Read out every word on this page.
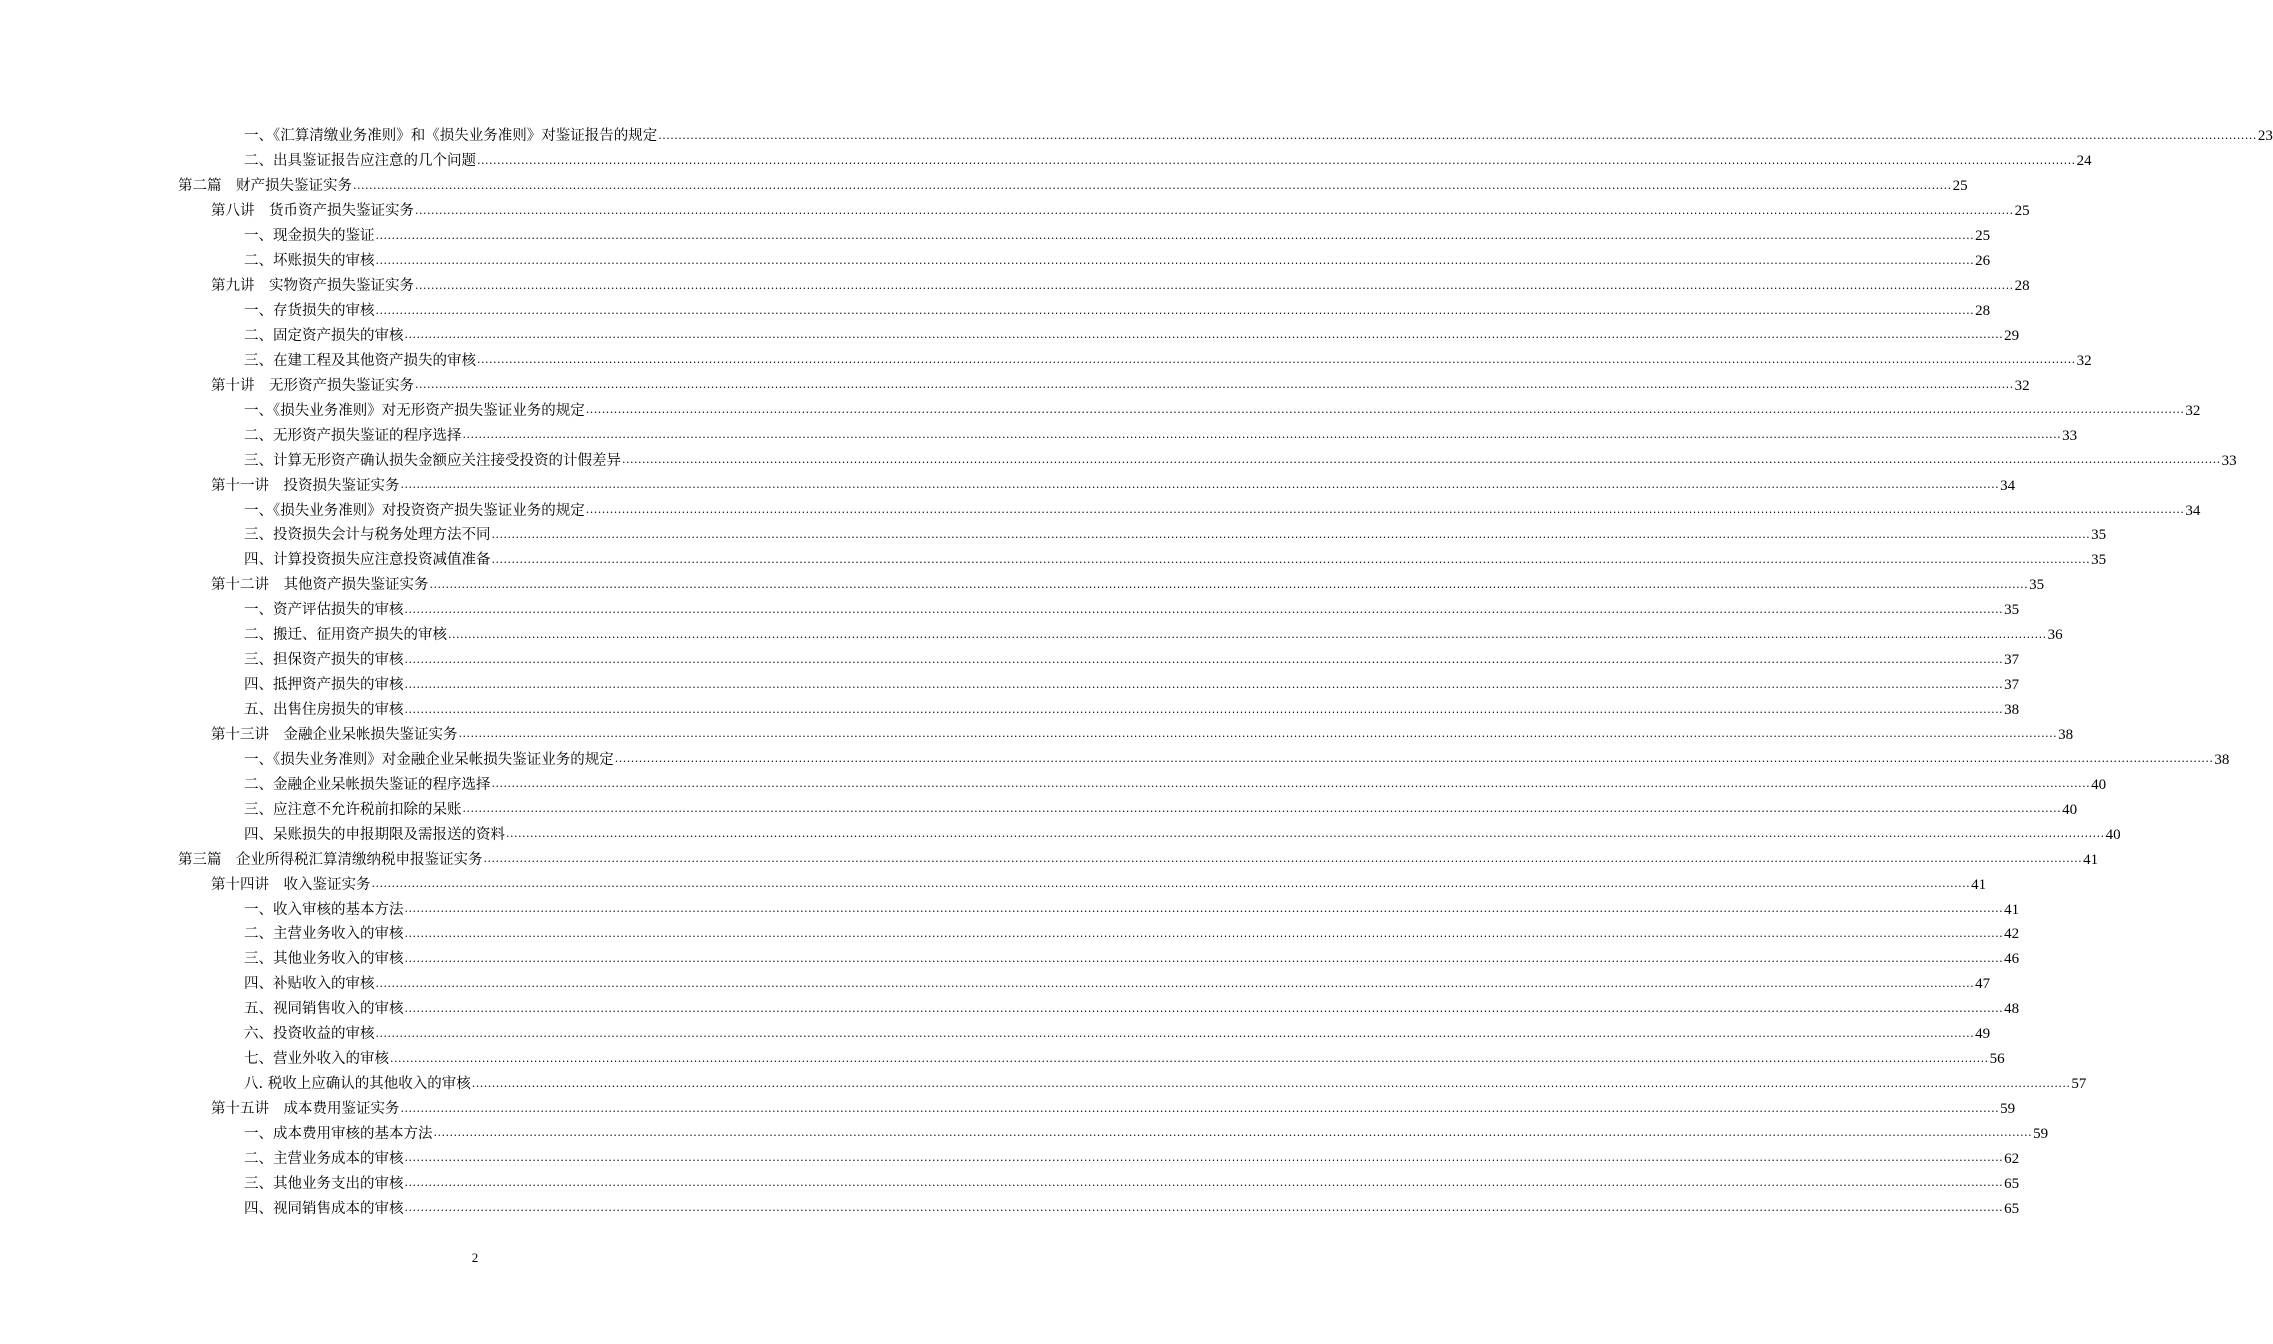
一、《汇算清缴业务准则》和《损失业务准则》对鉴证报告的规定 ................................................................................................................................................................................................................................................................................................................................................................................................................ 23
二、出具鉴证报告应注意的几个问题 ................................................................................................................................................................................................................................................................................................................................................................................................................ 24
第二篇　财产损失鉴证实务 ................................................................................................................................................................................................................................................................................................................................................................................................................ 25
第八讲　货币资产损失鉴证实务 ................................................................................................................................................................................................................................................................................................................................................................................................................ 25
一、现金损失的鉴证 ................................................................................................................................................................................................................................................................................................................................................................................................................ 25
二、坏账损失的审核 ................................................................................................................................................................................................................................................................................................................................................................................................................ 26
第九讲　实物资产损失鉴证实务 ................................................................................................................................................................................................................................................................................................................................................................................................................ 28
一、存货损失的审核 ................................................................................................................................................................................................................................................................................................................................................................................................................ 28
二、固定资产损失的审核 ................................................................................................................................................................................................................................................................................................................................................................................................................ 29
三、在建工程及其他资产损失的审核 ................................................................................................................................................................................................................................................................................................................................................................................................................ 32
第十讲　无形资产损失鉴证实务 ................................................................................................................................................................................................................................................................................................................................................................................................................ 32
一、《损失业务准则》对无形资产损失鉴证业务的规定 ................................................................................................................................................................................................................................................................................................................................................................................................................ 32
二、无形资产损失鉴证的程序选择 ................................................................................................................................................................................................................................................................................................................................................................................................................ 33
三、计算无形资产确认损失金额应关注接受投资的计假差异 ................................................................................................................................................................................................................................................................................................................................................................................................................ 33
第十一讲　投资损失鉴证实务 ................................................................................................................................................................................................................................................................................................................................................................................................................ 34
一、《损失业务准则》对投资资产损失鉴证业务的规定 ................................................................................................................................................................................................................................................................................................................................................................................................................ 34
三、投资损失会计与税务处理方法不同 ................................................................................................................................................................................................................................................................................................................................................................................................................ 35
四、计算投资损失应注意投资减值准备 ................................................................................................................................................................................................................................................................................................................................................................................................................ 35
第十二讲　其他资产损失鉴证实务 ................................................................................................................................................................................................................................................................................................................................................................................................................ 35
一、资产评估损失的审核 ................................................................................................................................................................................................................................................................................................................................................................................................................ 35
二、搬迁、征用资产损失的审核 ................................................................................................................................................................................................................................................................................................................................................................................................................ 36
三、担保资产损失的审核 ................................................................................................................................................................................................................................................................................................................................................................................................................ 37
四、抵押资产损失的审核 ................................................................................................................................................................................................................................................................................................................................................................................................................ 37
五、出售住房损失的审核 ................................................................................................................................................................................................................................................................................................................................................................................................................ 38
第十三讲　金融企业呆帐损失鉴证实务 ................................................................................................................................................................................................................................................................................................................................................................................................................ 38
一、《损失业务准则》对金融企业呆帐损失鉴证业务的规定 ................................................................................................................................................................................................................................................................................................................................................................................................................ 38
二、金融企业呆帐损失鉴证的程序选择 ................................................................................................................................................................................................................................................................................................................................................................................................................ 40
三、应注意不允许税前扣除的呆账 ................................................................................................................................................................................................................................................................................................................................................................................................................ 40
四、呆账损失的申报期限及需报送的资料 ................................................................................................................................................................................................................................................................................................................................................................................................................ 40
第三篇　企业所得税汇算清缴纳税申报鉴证实务 ................................................................................................................................................................................................................................................................................................................................................................................................................ 41
第十四讲　收入鉴证实务 ................................................................................................................................................................................................................................................................................................................................................................................................................ 41
一、收入审核的基本方法 ................................................................................................................................................................................................................................................................................................................................................................................................................ 41
二、主营业务收入的审核 ................................................................................................................................................................................................................................................................................................................................................................................................................ 42
三、其他业务收入的审核 ................................................................................................................................................................................................................................................................................................................................................................................................................ 46
四、补贴收入的审核 ................................................................................................................................................................................................................................................................................................................................................................................................................ 47
五、视同销售收入的审核 ................................................................................................................................................................................................................................................................................................................................................................................................................ 48
六、投资收益的审核 ................................................................................................................................................................................................................................................................................................................................................................................................................ 49
七、营业外收入的审核 ................................................................................................................................................................................................................................................................................................................................................................................................................ 56
八. 税收上应确认的其他收入的审核 ................................................................................................................................................................................................................................................................................................................................................................................................................ 57
第十五讲　成本费用鉴证实务 ................................................................................................................................................................................................................................................................................................................................................................................................................ 59
一、成本费用审核的基本方法 ................................................................................................................................................................................................................................................................................................................................................................................................................ 59
二、主营业务成本的审核 ................................................................................................................................................................................................................................................................................................................................................................................................................ 62
三、其他业务支出的审核 ................................................................................................................................................................................................................................................................................................................................................................................................................ 65
四、视同销售成本的审核 ................................................................................................................................................................................................................................................................................................................................................................................................................ 65
2
